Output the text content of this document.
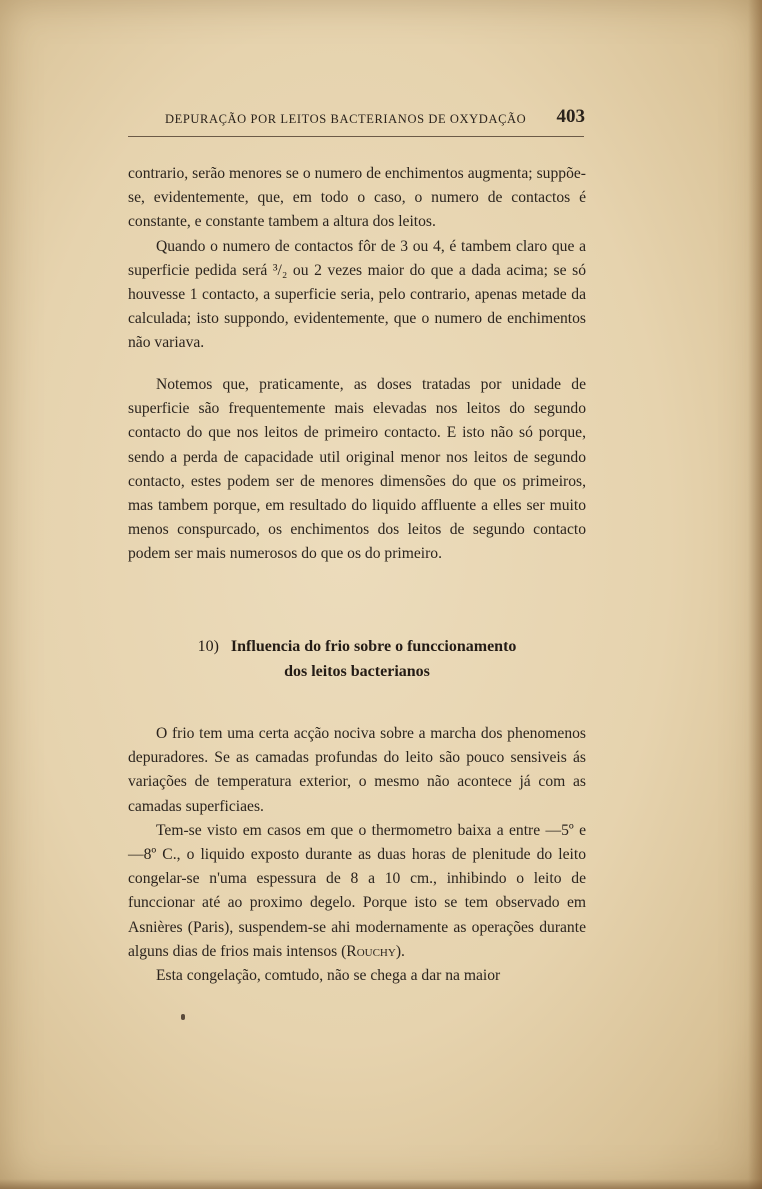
DEPURAÇÃO POR LEITOS BACTERIANOS DE OXYDAÇÃO 403

contrario, serão menores se o numero de enchimentos augmenta; suppõe-se, evidentemente, que, em todo o caso, o numero de contactos é constante, e constante tambem a altura dos leitos.

Quando o numero de contactos fôr de 3 ou 4, é tambem claro que a superficie pedida será ³/₂ ou 2 vezes maior do que a dada acima; se só houvesse 1 contacto, a superficie seria, pelo contrario, apenas metade da calculada; isto suppondo, evidentemente, que o numero de enchimentos não variava.

Notemos que, praticamente, as doses tratadas por unidade de superficie são frequentemente mais elevadas nos leitos do segundo contacto do que nos leitos de primeiro contacto. E isto não só porque, sendo a perda de capacidade util original menor nos leitos de segundo contacto, estes podem ser de menores dimensões do que os primeiros, mas tambem porque, em resultado do liquido affluente a elles ser muito menos conspurcado, os enchimentos dos leitos de segundo contacto podem ser mais numerosos do que os do primeiro.

10) Influencia do frio sobre o funccionamento
dos leitos bacterianos

O frio tem uma certa acção nociva sobre a marcha dos phenomenos depuradores. Se as camadas profundas do leito são pouco sensiveis ás variações de temperatura exterior, o mesmo não acontece já com as camadas superficiaes.

Tem-se visto em casos em que o thermometro baixa a entre —5º e —8º C., o liquido exposto durante as duas horas de plenitude do leito congelar-se n'uma espessura de 8 a 10 cm., inhibindo o leito de funccionar até ao proximo degelo. Porque isto se tem observado em Asnières (Paris), suspendem-se ahi modernamente as operações durante alguns dias de frios mais intensos (Rouchy).

Esta congelação, comtudo, não se chega a dar na maior
